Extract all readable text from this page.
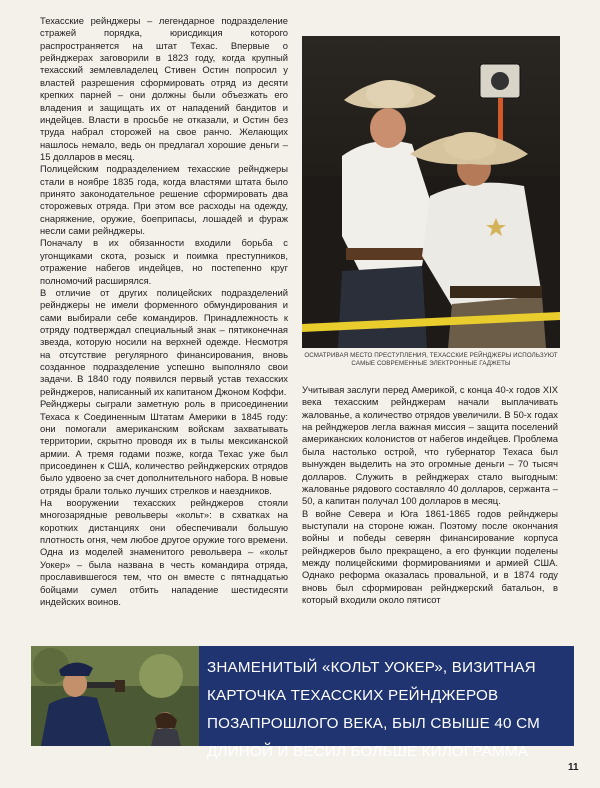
Техасские рейнджеры – легендарное подразделение стражей порядка, юрисдикция которого распространяется на штат Техас. Впервые о рейнджерах заговорили в 1823 году, когда крупный техасский землевладелец Стивен Остин попросил у властей разрешения сформировать отряд из десяти крепких парней – они должны были объезжать его владения и защищать их от нападений бандитов и индейцев. Власти в просьбе не отказали, и Остин без труда набрал сторожей на свое ранчо. Желающих нашлось немало, ведь он предлагал хорошие деньги – 15 долларов в месяц.

Полицейским подразделением техасские рейнджеры стали в ноябре 1835 года, когда властями штата было принято законодательное решение сформировать два сторожевых отряда. При этом все расходы на одежду, снаряжение, оружие, боеприпасы, лошадей и фураж несли сами рейнджеры.

Поначалу в их обязанности входили борьба с угонщиками скота, розыск и поимка преступников, отражение набегов индейцев, но постепенно круг полномочий расширялся.

В отличие от других полицейских подразделений рейнджеры не имели форменного обмундирования и сами выбирали себе командиров. Принадлежность к отряду подтверждал специальный знак – пятиконечная звезда, которую носили на верхней одежде. Несмотря на отсутствие регулярного финансирования, вновь созданное подразделение успешно выполняло свои задачи. В 1840 году появился первый устав техасских рейнджеров, написанный их капитаном Джоном Коффи.

Рейнджеры сыграли заметную роль в присоединении Техаса к Соединенным Штатам Америки в 1845 году: они помогали американским войскам захватывать территории, скрытно проводя их в тылы мексиканской армии. А тремя годами позже, когда Техас уже был присоединен к США, количество рейнджерских отрядов было удвоено за счет дополнительного набора. В новые отряды брали только лучших стрелков и наездников.

На вооружении техасских рейнджеров стояли многозарядные револьверы «кольт»: в схватках на коротких дистанциях они обеспечивали большую плотность огня, чем любое другое оружие того времени. Одна из моделей знаменитого револьвера – «кольт Уокер» – была названа в честь командира отряда, прославившегося тем, что он вместе с пятнадцатью бойцами сумел отбить нападение шестидесяти индейских воинов.

ОСМАТРИВАЯ МЕСТО ПРЕСТУПЛЕНИЯ, ТЕХАССКИЕ РЕЙНДЖЕРЫ ИСПОЛЬЗУЮТ САМЫЕ СОВРЕМЕННЫЕ ЭЛЕКТРОННЫЕ ГАДЖЕТЫ

Учитывая заслуги перед Америкой, с конца 40-х годов XIX века техасским рейнджерам начали выплачивать жалованье, а количество отрядов увеличили. В 50-х годах на рейнджеров легла важная миссия – защита поселений американских колонистов от набегов индейцев. Проблема была настолько острой, что губернатор Техаса был вынужден выделить на это огромные деньги – 70 тысяч долларов. Служить в рейнджерах стало выгодным: жалованье рядового составляло 40 долларов, сержанта – 50, а капитан получал 100 долларов в месяц.

В войне Севера и Юга 1861-1865 годов рейнджеры выступали на стороне южан. Поэтому после окончания войны и победы северян финансирование корпуса рейнджеров было прекращено, а его функции поделены между полицейскими формированиями и армией США. Однако реформа оказалась провальной, и в 1874 году вновь был сформирован рейнджерский батальон, в который входили около пятисот

ЗНАМЕНИТЫЙ «КОЛЬТ УОКЕР», ВИЗИТНАЯ КАРТОЧКА ТЕХАССКИХ РЕЙНДЖЕРОВ ПОЗАПРОШЛОГО ВЕКА, БЫЛ СВЫШЕ 40 СМ ДЛИНОЙ И ВЕСИЛ БОЛЬШЕ КИЛОГРАММА
11
